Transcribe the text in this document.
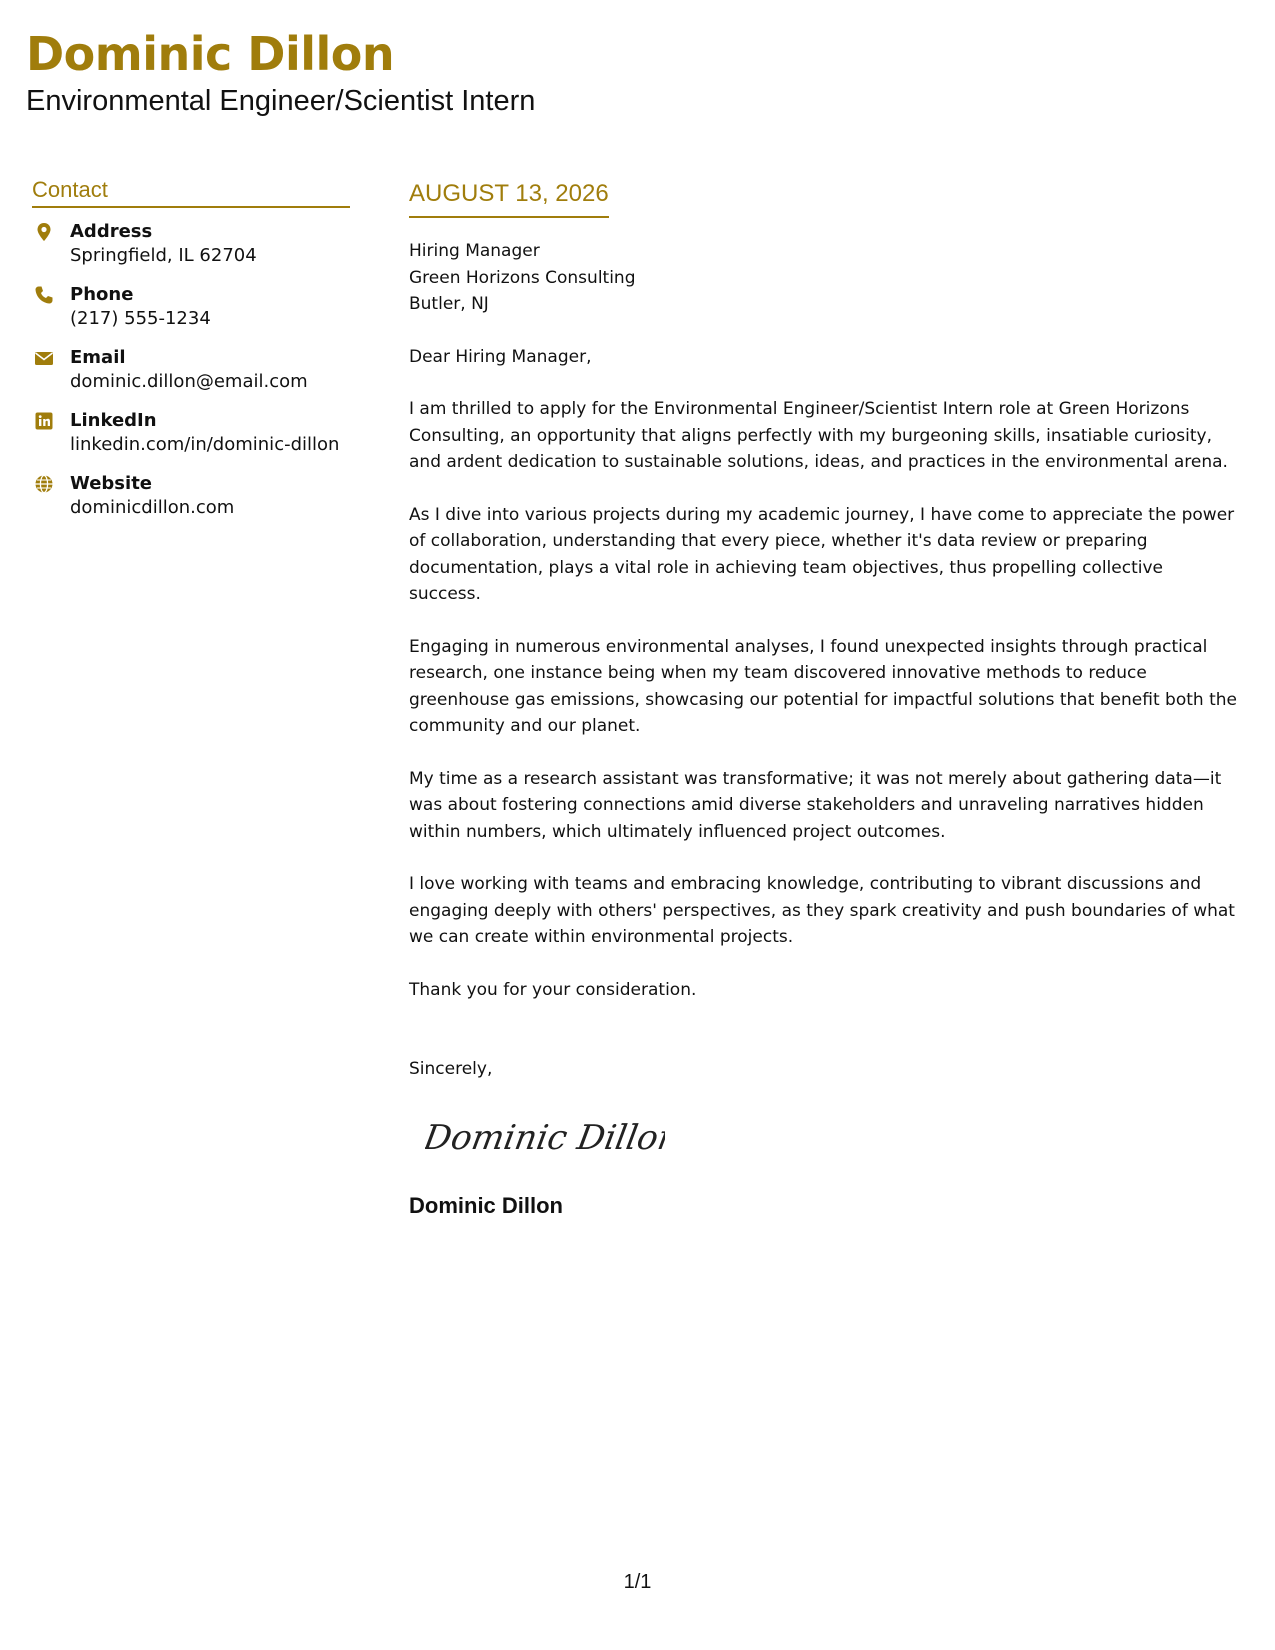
Dominic Dillon
Environmental Engineer/Scientist Intern
Contact
Address
Springfield, IL 62704
Phone
(217) 555-1234
Email
dominic.dillon@email.com
LinkedIn
linkedin.com/in/dominic-dillon
Website
dominicdillon.com
AUGUST 13, 2026
Hiring Manager
Green Horizons Consulting
Butler, NJ
Dear Hiring Manager,
I am thrilled to apply for the Environmental Engineer/Scientist Intern role at Green Horizons Consulting, an opportunity that aligns perfectly with my burgeoning skills, insatiable curiosity, and ardent dedication to sustainable solutions, ideas, and practices in the environmental arena.
As I dive into various projects during my academic journey, I have come to appreciate the power of collaboration, understanding that every piece, whether it's data review or preparing documentation, plays a vital role in achieving team objectives, thus propelling collective success.
Engaging in numerous environmental analyses, I found unexpected insights through practical research, one instance being when my team discovered innovative methods to reduce greenhouse gas emissions, showcasing our potential for impactful solutions that benefit both the community and our planet.
My time as a research assistant was transformative; it was not merely about gathering data—it was about fostering connections amid diverse stakeholders and unraveling narratives hidden within numbers, which ultimately influenced project outcomes.
I love working with teams and embracing knowledge, contributing to vibrant discussions and engaging deeply with others' perspectives, as they spark creativity and push boundaries of what we can create within environmental projects.
Thank you for your consideration.
Sincerely,
Dominic Dillon
Dominic Dillon
1/1
